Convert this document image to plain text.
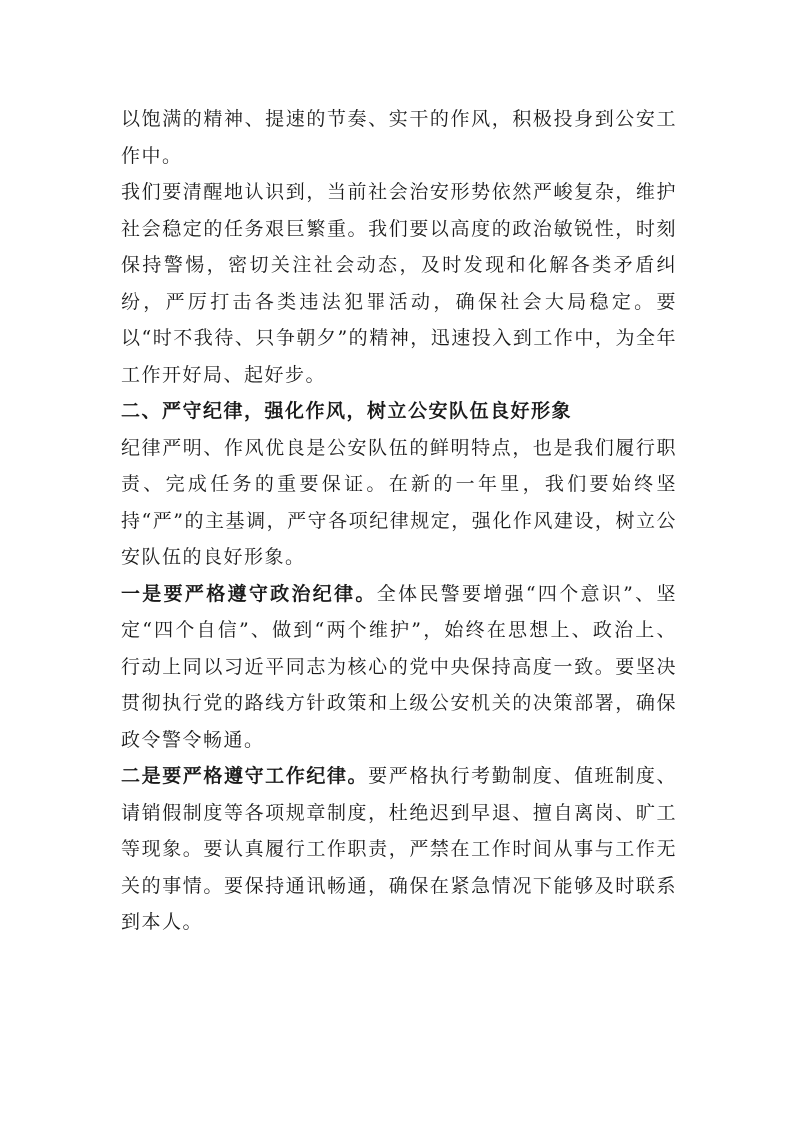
以饱满的精神、提速的节奏、实干的作风，积极投身到公安工作中。

我们要清醒地认识到，当前社会治安形势依然严峻复杂，维护社会稳定的任务艰巨繁重。我们要以高度的政治敏锐性，时刻保持警惕，密切关注社会动态，及时发现和化解各类矛盾纠纷，严厉打击各类违法犯罪活动，确保社会大局稳定。要以“时不我待、只争朝夕”的精神，迅速投入到工作中，为全年工作开好局、起好步。

二、严守纪律，强化作风，树立公安队伍良好形象

纪律严明、作风优良是公安队伍的鲜明特点，也是我们履行职责、完成任务的重要保证。在新的一年里，我们要始终坚持“严”的主基调，严守各项纪律规定，强化作风建设，树立公安队伍的良好形象。

一是要严格遵守政治纪律。全体民警要增强“四个意识”、坚定“四个自信”、做到“两个维护”，始终在思想上、政治上、行动上同以习近平同志为核心的党中央保持高度一致。要坚决贯彻执行党的路线方针政策和上级公安机关的决策部署，确保政令警令畅通。

二是要严格遵守工作纪律。要严格执行考勤制度、值班制度、请销假制度等各项规章制度，杜绝迟到早退、擅自离岗、旷工等现象。要认真履行工作职责，严禁在工作时间从事与工作无关的事情。要保持通讯畅通，确保在紧急情况下能够及时联系到本人。
